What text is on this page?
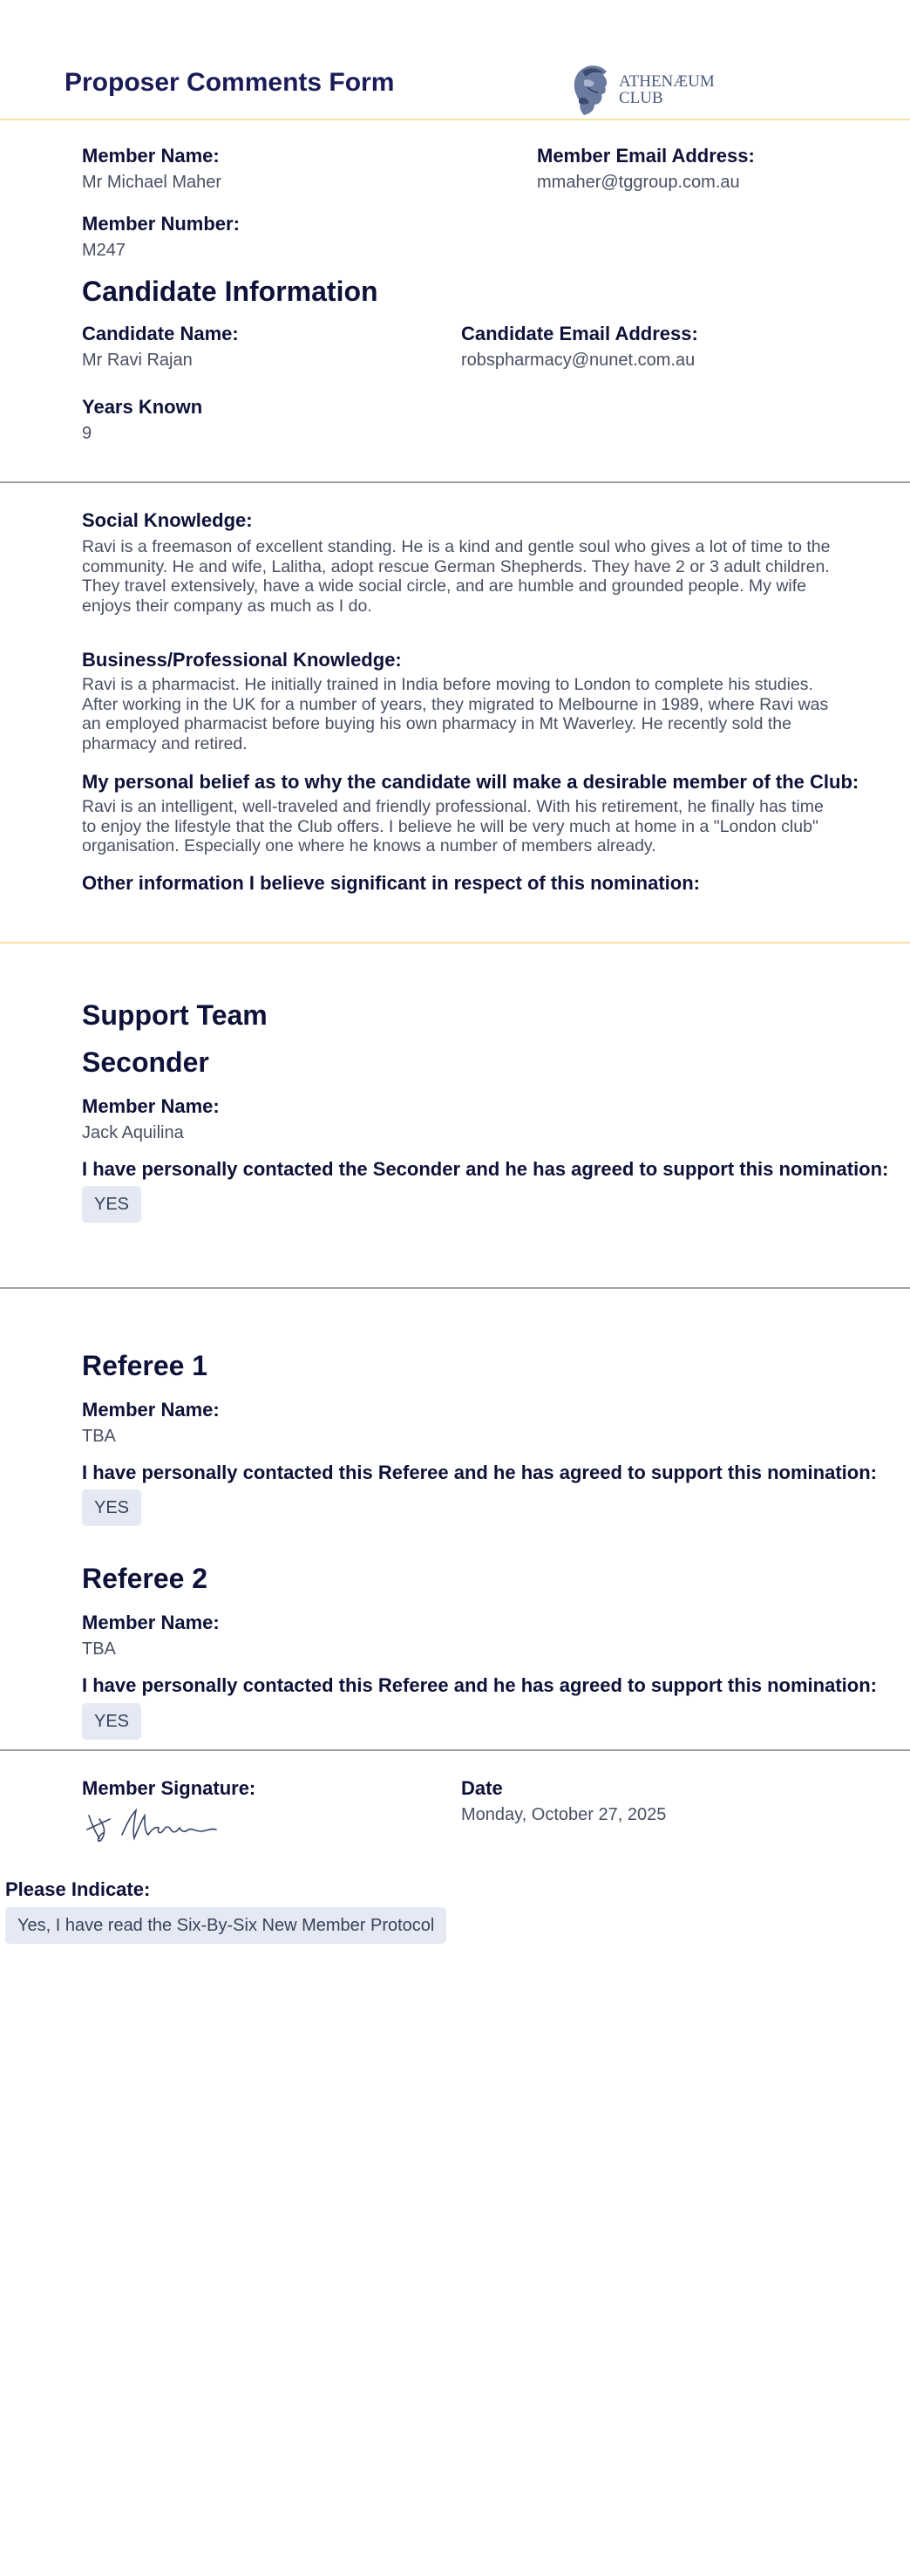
Proposer Comments Form	ATHENÆUM
CLUB
Member Name:
Mr Michael Maher
Member Email Address:
mmaher@tggroup.com.au
Member Number:
M247
Candidate Information
Candidate Name:
Mr Ravi Rajan
Candidate Email Address:
robspharmacy@nunet.com.au
Years Known
9
Social Knowledge:
Ravi is a freemason of excellent standing. He is a kind and gentle soul who gives a lot of time to the
community. He and wife, Lalitha, adopt rescue German Shepherds. They have 2 or 3 adult children.
They travel extensively, have a wide social circle, and are humble and grounded people. My wife
enjoys their company as much as I do.
Business/Professional Knowledge:
Ravi is a pharmacist. He initially trained in India before moving to London to complete his studies.
After working in the UK for a number of years, they migrated to Melbourne in 1989, where Ravi was
an employed pharmacist before buying his own pharmacy in Mt Waverley. He recently sold the
pharmacy and retired.
My personal belief as to why the candidate will make a desirable member of the Club:
Ravi is an intelligent, well-traveled and friendly professional. With his retirement, he finally has time
to enjoy the lifestyle that the Club offers. I believe he will be very much at home in a "London club"
organisation. Especially one where he knows a number of members already.
Other information I believe significant in respect of this nomination:
Support Team
Seconder
Member Name:
Jack Aquilina
I have personally contacted the Seconder and he has agreed to support this nomination:
YES
Referee 1
Member Name:
TBA
I have personally contacted this Referee and he has agreed to support this nomination:
YES
Referee 2
Member Name:
TBA
I have personally contacted this Referee and he has agreed to support this nomination:
YES
Member Signature:	Date
Monday, October 27, 2025
Please Indicate:
Yes, I have read the Six-By-Six New Member Protocol
